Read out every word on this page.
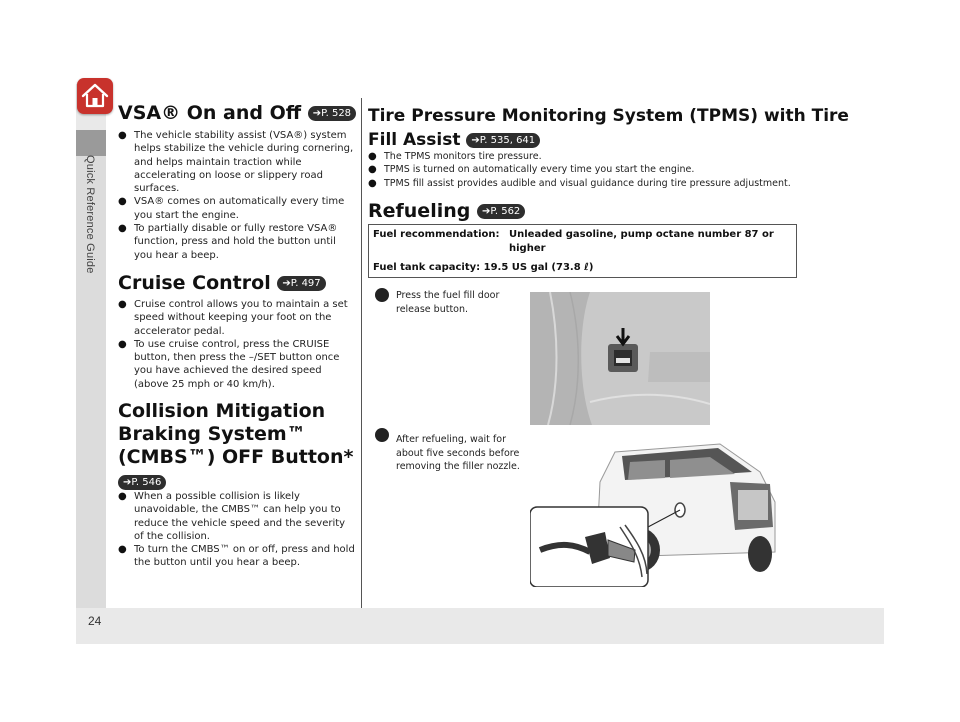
Quick Reference Guide
24
VSA® On and Off ➔P. 528
● The vehicle stability assist (VSA®) system helps stabilize the vehicle during cornering, and helps maintain traction while accelerating on loose or slippery road surfaces.
● VSA® comes on automatically every time you start the engine.
● To partially disable or fully restore VSA® function, press and hold the button until you hear a beep.
Cruise Control ➔P. 497
● Cruise control allows you to maintain a set speed without keeping your foot on the accelerator pedal.
● To use cruise control, press the CRUISE button, then press the –/SET button once you have achieved the desired speed (above 25 mph or 40 km/h).
Collision Mitigation
Braking System™
(CMBS™) OFF Button*
➔P. 546
● When a possible collision is likely unavoidable, the CMBS™ can help you to reduce the vehicle speed and the severity of the collision.
● To turn the CMBS™ on or off, press and hold the button until you hear a beep.
Tire Pressure Monitoring System (TPMS) with Tire
Fill Assist ➔P. 535, 641
● The TPMS monitors tire pressure.
● TPMS is turned on automatically every time you start the engine.
● TPMS fill assist provides audible and visual guidance during tire pressure adjustment.
Refueling ➔P. 562
Fuel recommendation: Unleaded gasoline, pump octane number 87 or
higher
Fuel tank capacity: 19.5 US gal (73.8 ℓ)
Press the fuel fill door release button.
After refueling, wait for about five seconds before removing the filler nozzle.
